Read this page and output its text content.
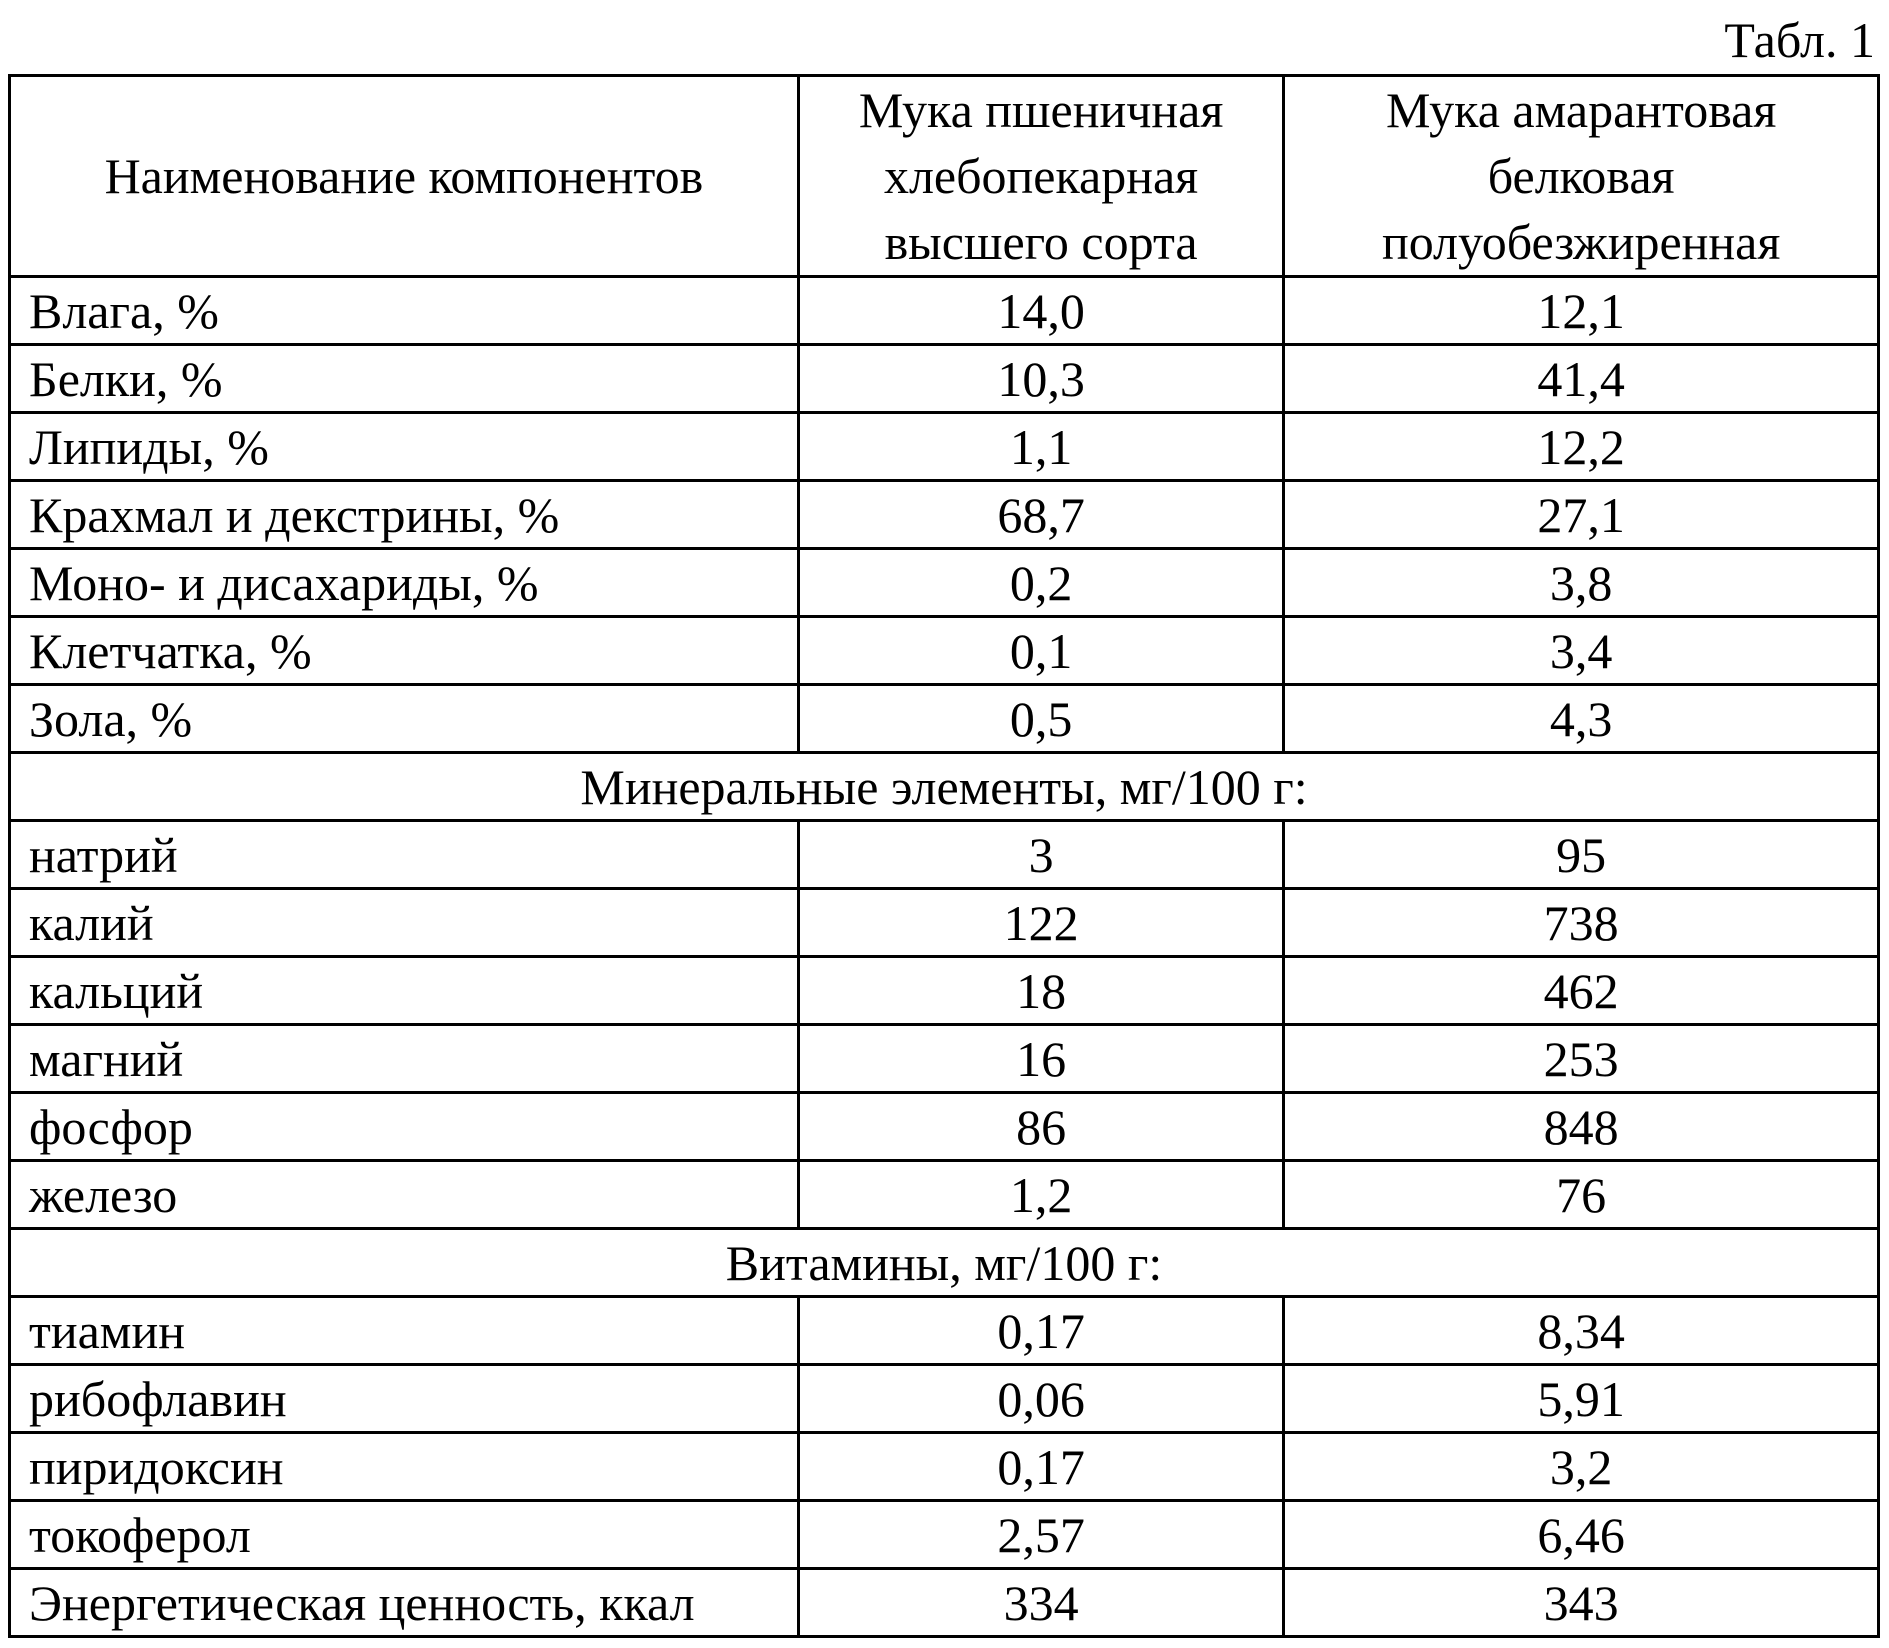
Табл. 1
Наименование компонентов	Мука пшеничная хлебопекарная высшего сорта	Мука амарантовая белковая полуобезжиренная
Влага, %	14,0	12,1
Белки, %	10,3	41,4
Липиды, %	1,1	12,2
Крахмал и декстрины, %	68,7	27,1
Моно- и дисахариды, %	0,2	3,8
Клетчатка, %	0,1	3,4
Зола, %	0,5	4,3
Минеральные элементы, мг/100 г:		
натрий	3	95
калий	122	738
кальций	18	462
магний	16	253
фосфор	86	848
железо	1,2	76
Витамины, мг/100 г:		
тиамин	0,17	8,34
рибофлавин	0,06	5,91
пиридоксин	0,17	3,2
токоферол	2,57	6,46
Энергетическая ценность, ккал	334	343
